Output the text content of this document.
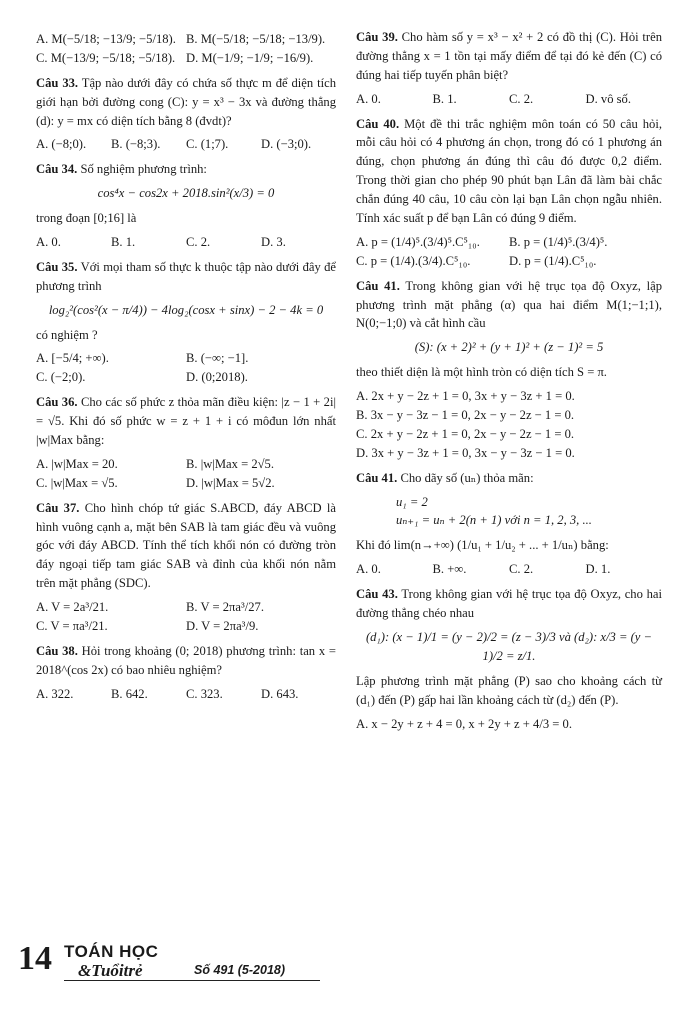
A. M(−5/18; −13/9; −5/18). B. M(−5/18; −5/18; −13/9).
C. M(−13/9; −5/18; −5/18). D. M(−1/9; −1/9; −16/9).

Câu 33. Tập nào dưới đây có chứa số thực m để diện tích giới hạn bởi đường cong (C): y = x³ − 3x và đường thẳng (d): y = mx có diện tích bằng 8 (đvdt)?

A. (−8;0).	B. (−8;3).	C. (1;7).	D. (−3;0).

Câu 34. Số nghiệm phương trình:

cos⁴x − cos2x + 2018.sin²(x/3) = 0

trong đoạn [0;16] là

A. 0.	B. 1.	C. 2.	D. 3.

Câu 35. Với mọi tham số thực k thuộc tập nào dưới đây để phương trình

log₂²(cos²(x − π/4)) − 4log₂(cosx + sinx) − 2 − 4k = 0

có nghiệm ?

A. [−5/4; +∞).	B. (−∞; −1].
C. (−2;0).	D. (0;2018).

Câu 36. Cho các số phức z thỏa mãn điều kiện: |z − 1 + 2i| = √5. Khi đó số phức w = z + 1 + i có môđun lớn nhất |w|Max bằng:

A. |w|Max = 20.	B. |w|Max = 2√5.
C. |w|Max = √5.	D. |w|Max = 5√2.

Câu 37. Cho hình chóp tứ giác S.ABCD, đáy ABCD là hình vuông cạnh a, mặt bên SAB là tam giác đều và vuông góc với đáy ABCD. Tính thể tích khối nón có đường tròn đáy ngoại tiếp tam giác SAB và đỉnh của khối nón nằm trên mặt phẳng (SDC).

A. V = 2a³/21.	B. V = 2πa³/27.
C. V = πa³/21.	D. V = 2πa³/9.

Câu 38. Hỏi trong khoảng (0; 2018) phương trình: tan x = 2018^(cos 2x) có bao nhiêu nghiệm?

A. 322.	B. 642.	C. 323.	D. 643.

Câu 39. Cho hàm số y = x³ − x² + 2 có đồ thị (C). Hỏi trên đường thẳng x = 1 tồn tại mấy điểm để tại đó kẻ đến (C) có đúng hai tiếp tuyến phân biệt?

A. 0.	B. 1.	C. 2.	D. vô số.

Câu 40. Một đề thi trắc nghiệm môn toán có 50 câu hỏi, mỗi câu hỏi có 4 phương án chọn, trong đó có 1 phương án đúng, chọn phương án đúng thì câu đó được 0,2 điểm. Trong thời gian cho phép 90 phút bạn Lân đã làm bài chắc chắn đúng 40 câu, 10 câu còn lại bạn Lân chọn ngẫu nhiên. Tính xác suất p để bạn Lân có đúng 9 điểm.

A. p = (1/4)⁵.(3/4)⁵.C⁵₁₀.	B. p = (1/4)⁵.(3/4)⁵.
C. p = (1/4).(3/4).C⁵₁₀.	D. p = (1/4).C⁵₁₀.

Câu 41. Trong không gian với hệ trục tọa độ Oxyz, lập phương trình mặt phẳng (α) qua hai điểm M(1;−1;1), N(0;−1;0) và cắt hình cầu

(S): (x + 2)² + (y + 1)² + (z − 1)² = 5

theo thiết diện là một hình tròn có diện tích S = π.

A. 2x + y − 2z + 1 = 0, 3x + y − 3z + 1 = 0.
B. 3x − y − 3z − 1 = 0, 2x − y − 2z − 1 = 0.
C. 2x + y − 2z + 1 = 0, 2x − y − 2z − 1 = 0.
D. 3x + y − 3z + 1 = 0, 3x − y − 3z − 1 = 0.

Câu 41. Cho dãy số (uₙ) thỏa mãn:

u₁ = 2
uₙ₊₁ = uₙ + 2(n + 1) với n = 1, 2, 3, ...

Khi đó lim(n→+∞) (1/u₁ + 1/u₂ + ... + 1/uₙ) bằng:

A. 0.	B. +∞.	C. 2.	D. 1.

Câu 43. Trong không gian với hệ trục tọa độ Oxyz, cho hai đường thẳng chéo nhau

(d₁): (x − 1)/1 = (y − 2)/2 = (z − 3)/3 và (d₂): x/3 = (y − 1)/2 = z/1.

Lập phương trình mặt phẳng (P) sao cho khoảng cách từ (d₁) đến (P) gấp hai lần khoảng cách từ (d₂) đến (P).

A. x − 2y + z + 4 = 0, x + 2y + z + 4/3 = 0.
14 TOÁN HỌC
&Tuổitrẻ	Số 491 (5-2018)
